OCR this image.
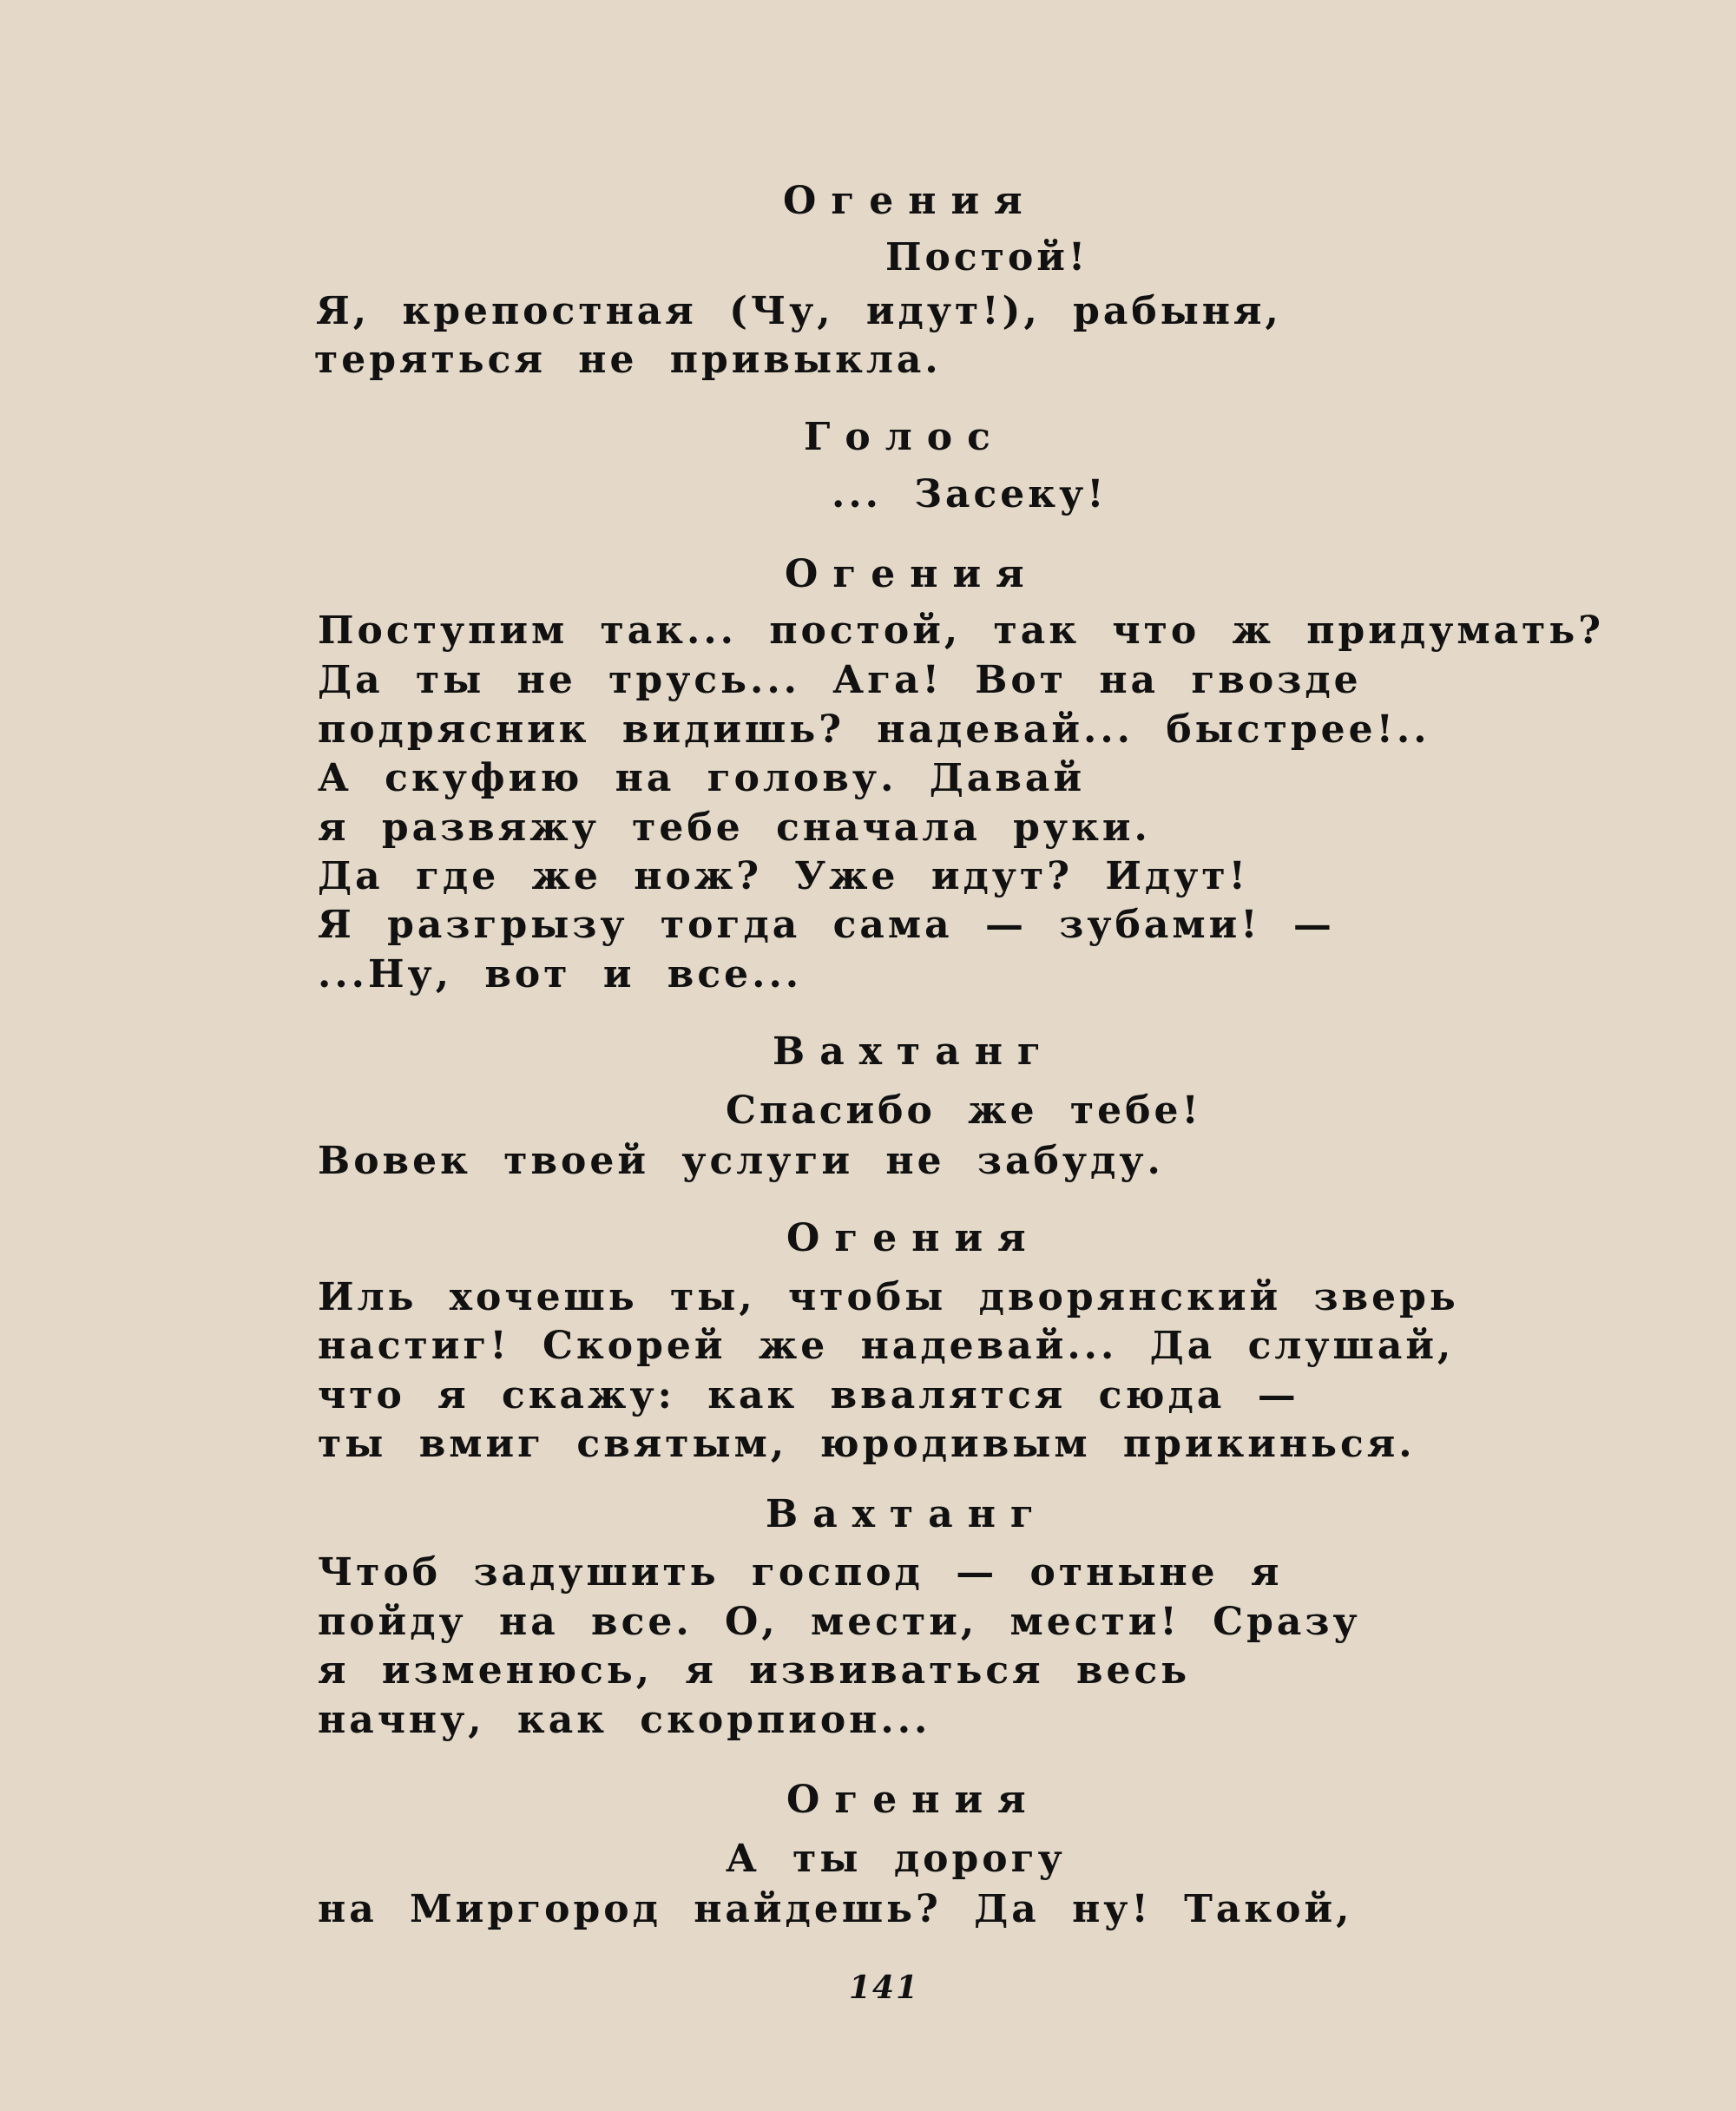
Огения
Постой!
Я, крепостная (Чу, идут!), рабыня,
теряться не привыкла.
Голос
... Засеку!
Огения
Поступим так... постой, так что ж придумать?
Да ты не трусь... Ага! Вот на гвозде
подрясник видишь? надевай... быстрее!..
А скуфию на голову. Давай
я развяжу тебе сначала руки.
Да где же нож? Уже идут? Идут!
Я разгрызу тогда сама — зубами! —
...Ну, вот и все...
Вахтанг
Спасибо же тебе!
Вовек твоей услуги не забуду.
Огения
Иль хочешь ты, чтобы дворянский зверь
настиг! Скорей же надевай... Да слушай,
что я скажу: как ввалятся сюда —
ты вмиг святым, юродивым прикинься.
Вахтанг
Чтоб задушить господ — отныне я
пойду на все. О, мести, мести! Сразу
я изменюсь, я извиваться весь
начну, как скорпион...
Огения
А ты дорогу
на Миргород найдешь? Да ну! Такой,
141
